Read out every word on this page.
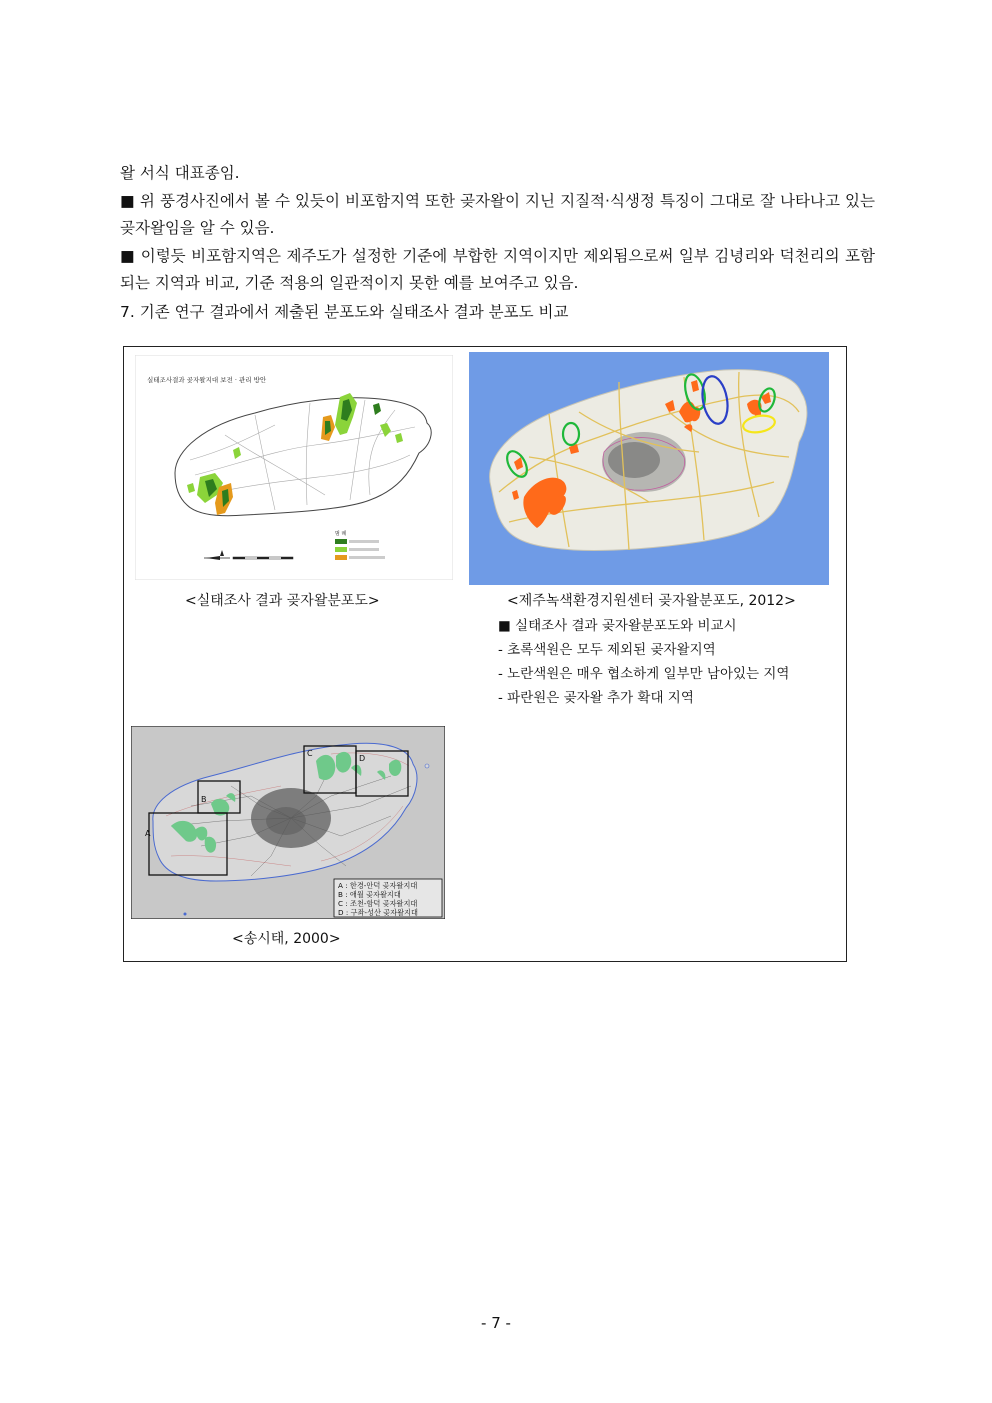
왈 서식 대표종임.
■ 위 풍경사진에서 볼 수 있듯이 비포함지역 또한 곶자왈이 지닌 지질적·식생정 특징이 그대로 잘 나타나고 있는 곶자왈임을 알 수 있음.
■ 이렇듯 비포함지역은 제주도가 설정한 기준에 부합한 지역이지만 제외됨으로써 일부 김녕리와 덕천리의 포함되는 지역과 비교, 기준 적용의 일관적이지 못한 예를 보여주고 있음.
7. 기존 연구 결과에서 제출된 분포도와 실태조사 결과 분포도 비교
실태조사결과 곶자왈지대 보전 · 관리 방안
범 례
<실태조사 결과 곶자왈분포도>	<제주녹색환경지원센터 곶자왈분포도, 2012>
■ 실태조사 결과 곶자왈분포도와 비교시
- 초록색원은 모두 제외된 곶자왈지역
- 노란색원은 매우 협소하게 일부만 남아있는 지역
- 파란원은 곶자왈 추가 확대 지역
A
B
C
D
A : 한경-안덕 곶자왈지대
B : 애월 곶자왈지대
C : 조천-함덕 곶자왈지대
D : 구좌-성산 곶자왈지대
<송시태, 2000>
- 7 -
